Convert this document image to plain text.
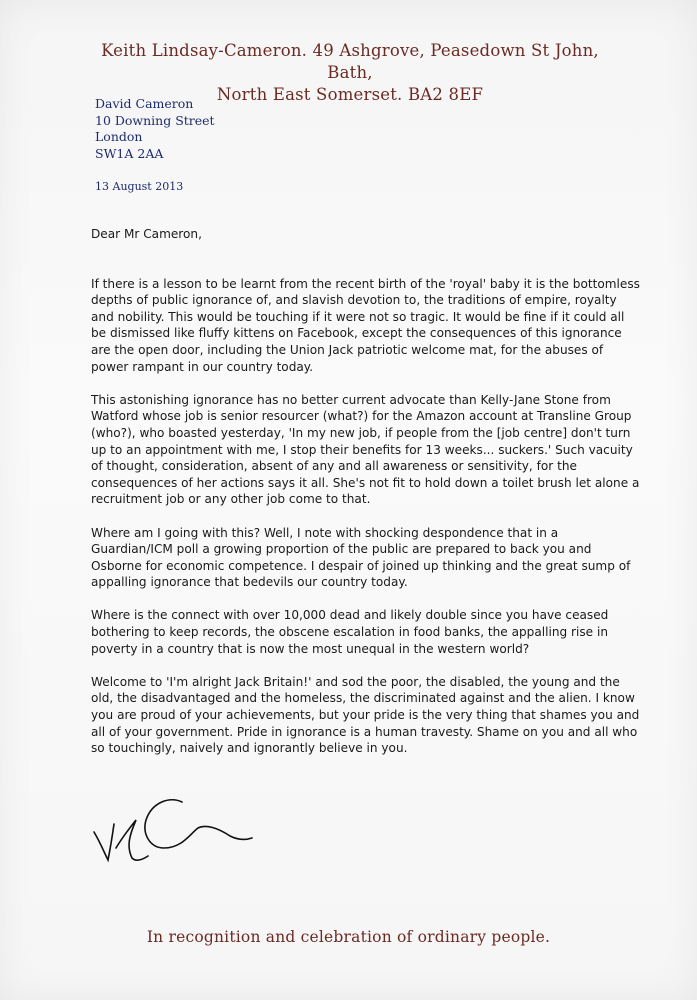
Keith Lindsay-Cameron. 49 Ashgrove, Peasedown St John, Bath,
North East Somerset. BA2 8EF
David Cameron
10 Downing Street
London
SW1A 2AA
13 August 2013

Dear Mr Cameron,

If there is a lesson to be learnt from the recent birth of the 'royal' baby it is the bottomless depths of public ignorance of, and slavish devotion to, the traditions of empire, royalty and nobility. This would be touching if it were not so tragic. It would be fine if it could all be dismissed like fluffy kittens on Facebook, except the consequences of this ignorance are the open door, including the Union Jack patriotic welcome mat, for the abuses of power rampant in our country today.

This astonishing ignorance has no better current advocate than Kelly-Jane Stone from Watford whose job is senior resourcer (what?) for the Amazon account at Transline Group (who?), who boasted yesterday, 'In my new job, if people from the [job centre] don't turn up to an appointment with me, I stop their benefits for 13 weeks... suckers.' Such vacuity of thought, consideration, absent of any and all awareness or sensitivity, for the consequences of her actions says it all. She's not fit to hold down a toilet brush let alone a recruitment job or any other job come to that.

Where am I going with this? Well, I note with shocking despondence that in a Guardian/ICM poll a growing proportion of the public are prepared to back you and Osborne for economic competence. I despair of joined up thinking and the great sump of appalling ignorance that bedevils our country today.

Where is the connect with over 10,000 dead and likely double since you have ceased bothering to keep records, the obscene escalation in food banks, the appalling rise in poverty in a country that is now the most unequal in the western world?

Welcome to 'I'm alright Jack Britain!' and sod the poor, the disabled, the young and the old, the disadvantaged and the homeless, the discriminated against and the alien. I know you are proud of your achievements, but your pride is the very thing that shames you and all of your government. Pride in ignorance is a human travesty. Shame on you and all who so touchingly, naively and ignorantly believe in you.

In recognition and celebration of ordinary people.
